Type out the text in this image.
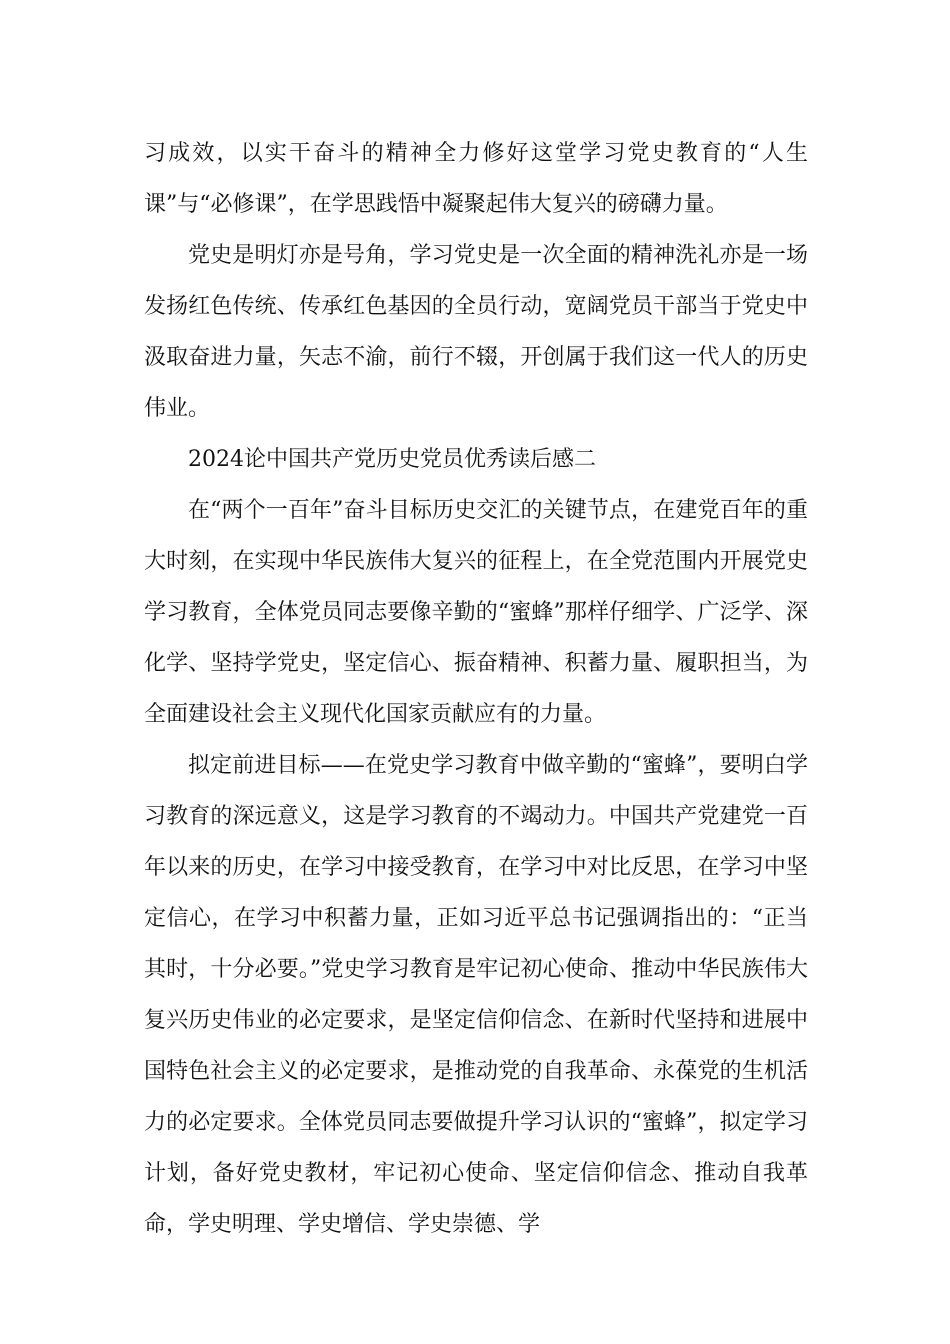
习成效，以实干奋斗的精神全力修好这堂学习党史教育的“人生课”与“必修课”，在学思践悟中凝聚起伟大复兴的磅礴力量。

党史是明灯亦是号角，学习党史是一次全面的精神洗礼亦是一场发扬红色传统、传承红色基因的全员行动，宽阔党员干部当于党史中汲取奋进力量，矢志不渝，前行不辍，开创属于我们这一代人的历史伟业。

2024论中国共产党历史党员优秀读后感二

在“两个一百年”奋斗目标历史交汇的关键节点，在建党百年的重大时刻，在实现中华民族伟大复兴的征程上，在全党范围内开展党史学习教育，全体党员同志要像辛勤的“蜜蜂”那样仔细学、广泛学、深化学、坚持学党史，坚定信心、振奋精神、积蓄力量、履职担当，为全面建设社会主义现代化国家贡献应有的力量。

拟定前进目标——在党史学习教育中做辛勤的“蜜蜂”，要明白学习教育的深远意义，这是学习教育的不竭动力。中国共产党建党一百年以来的历史，在学习中接受教育，在学习中对比反思，在学习中坚定信心，在学习中积蓄力量，正如习近平总书记强调指出的：“正当其时，十分必要。”党史学习教育是牢记初心使命、推动中华民族伟大复兴历史伟业的必定要求，是坚定信仰信念、在新时代坚持和进展中国特色社会主义的必定要求，是推动党的自我革命、永葆党的生机活力的必定要求。全体党员同志要做提升学习认识的“蜜蜂”，拟定学习计划，备好党史教材，牢记初心使命、坚定信仰信念、推动自我革命，学史明理、学史增信、学史崇德、学
